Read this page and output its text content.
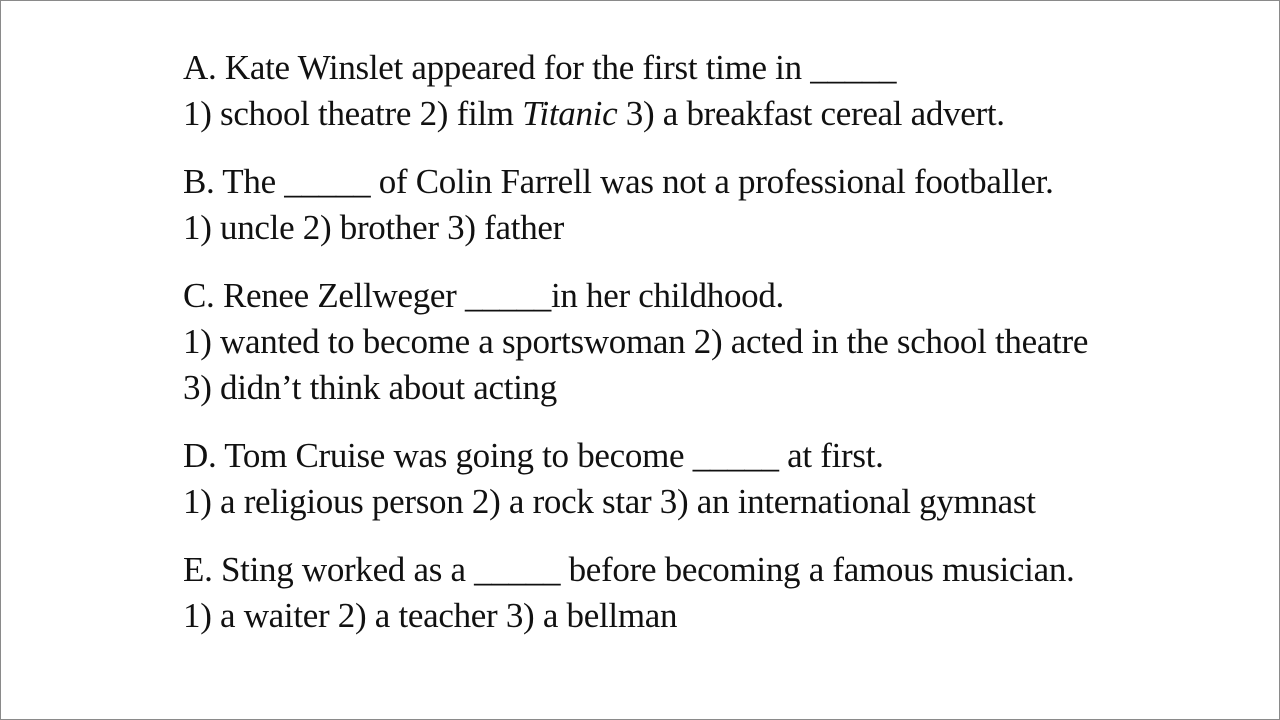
A. Kate Winslet appeared for the first time in _____
1) school theatre 2) film Titanic 3) a breakfast cereal advert.
B. The _____ of Colin Farrell was not a professional footballer.
1) uncle 2) brother 3) father
C. Renee Zellweger _____in her childhood.
1) wanted to become a sportswoman 2) acted in the school theatre
3) didn’t think about acting
D. Tom Cruise was going to become _____ at first.
1) a religious person 2) a rock star 3) an international gymnast
E. Sting worked as a _____ before becoming a famous musician.
1) a waiter 2) a teacher 3) a bellman
